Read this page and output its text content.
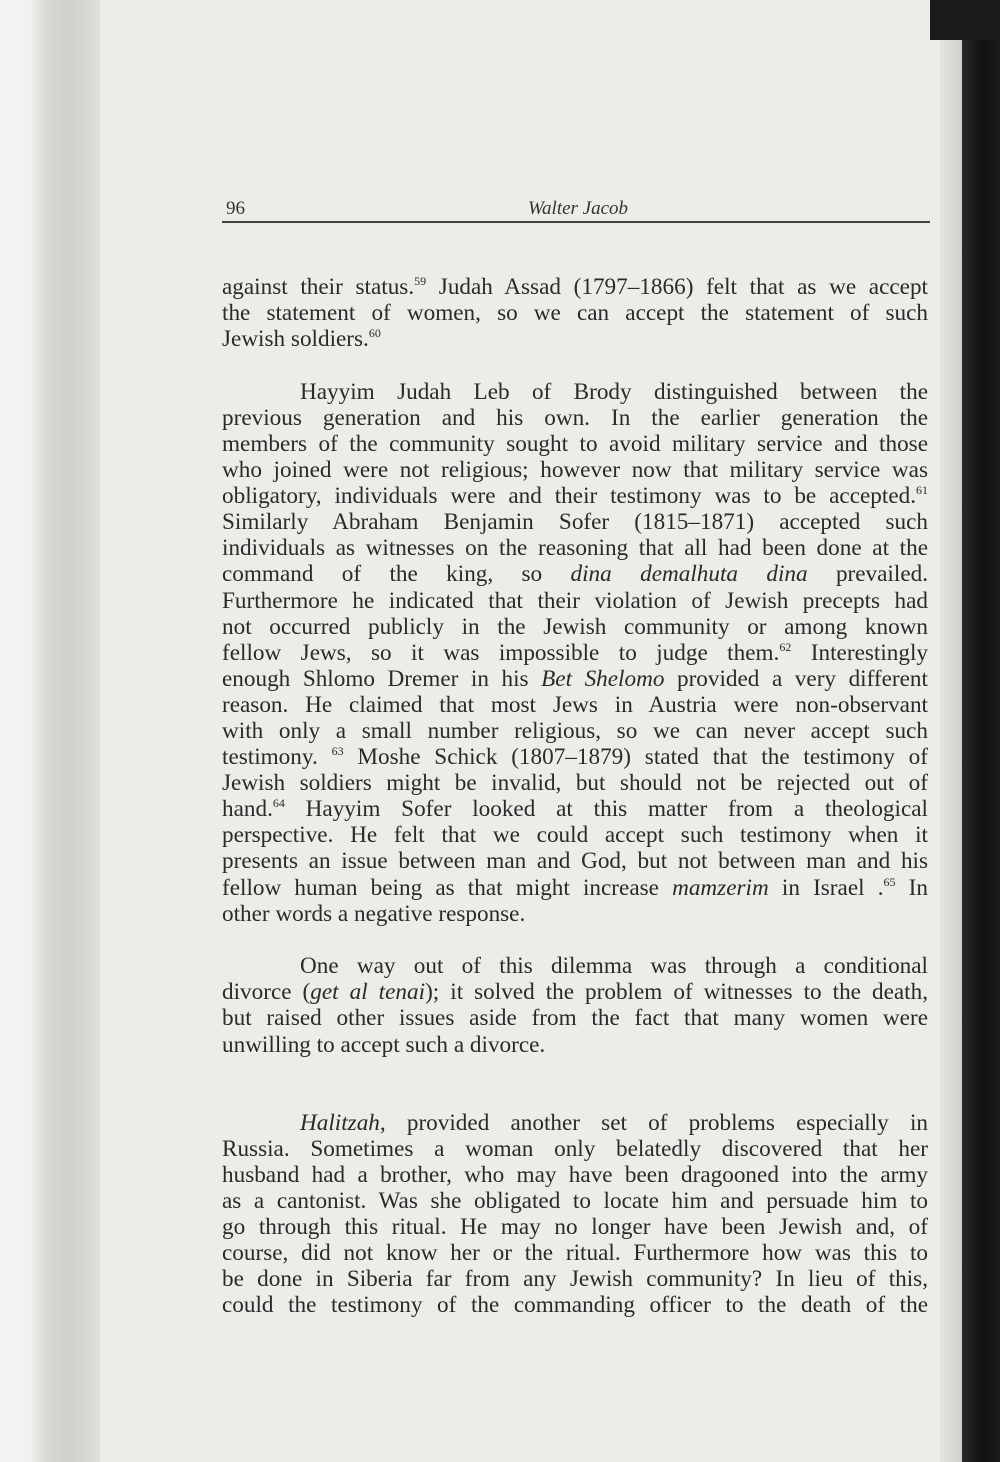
96	Walter Jacob
against their status.$^{59}$ Judah Assad (1797–1866) felt that as we accept
the statement of women, so we can accept the statement of such
Jewish soldiers.$^{60}$
Hayyim Judah Leb of Brody distinguished between the
previous generation and his own. In the earlier generation the
members of the community sought to avoid military service and those
who joined were not religious; however now that military service was
obligatory, individuals were and their testimony was to be accepted.$^{61}$
Similarly Abraham Benjamin Sofer (1815–1871) accepted such
individuals as witnesses on the reasoning that all had been done at the
command of the king, so dina demalhuta dina prevailed.
Furthermore he indicated that their violation of Jewish precepts had
not occurred publicly in the Jewish community or among known
fellow Jews, so it was impossible to judge them.$^{62}$ Interestingly
enough Shlomo Dremer in his Bet Shelomo provided a very different
reason. He claimed that most Jews in Austria were non-observant
with only a small number religious, so we can never accept such
testimony. $^{63}$ Moshe Schick (1807–1879) stated that the testimony of
Jewish soldiers might be invalid, but should not be rejected out of
hand.$^{64}$ Hayyim Sofer looked at this matter from a theological
perspective. He felt that we could accept such testimony when it
presents an issue between man and God, but not between man and his
fellow human being as that might increase mamzerim in Israel .$^{65}$ In
other words a negative response.
One way out of this dilemma was through a conditional
divorce (get al tenai); it solved the problem of witnesses to the death,
but raised other issues aside from the fact that many women were
unwilling to accept such a divorce.
Halitzah, provided another set of problems especially in
Russia. Sometimes a woman only belatedly discovered that her
husband had a brother, who may have been dragooned into the army
as a cantonist. Was she obligated to locate him and persuade him to
go through this ritual. He may no longer have been Jewish and, of
course, did not know her or the ritual. Furthermore how was this to
be done in Siberia far from any Jewish community? In lieu of this,
could the testimony of the commanding officer to the death of the
